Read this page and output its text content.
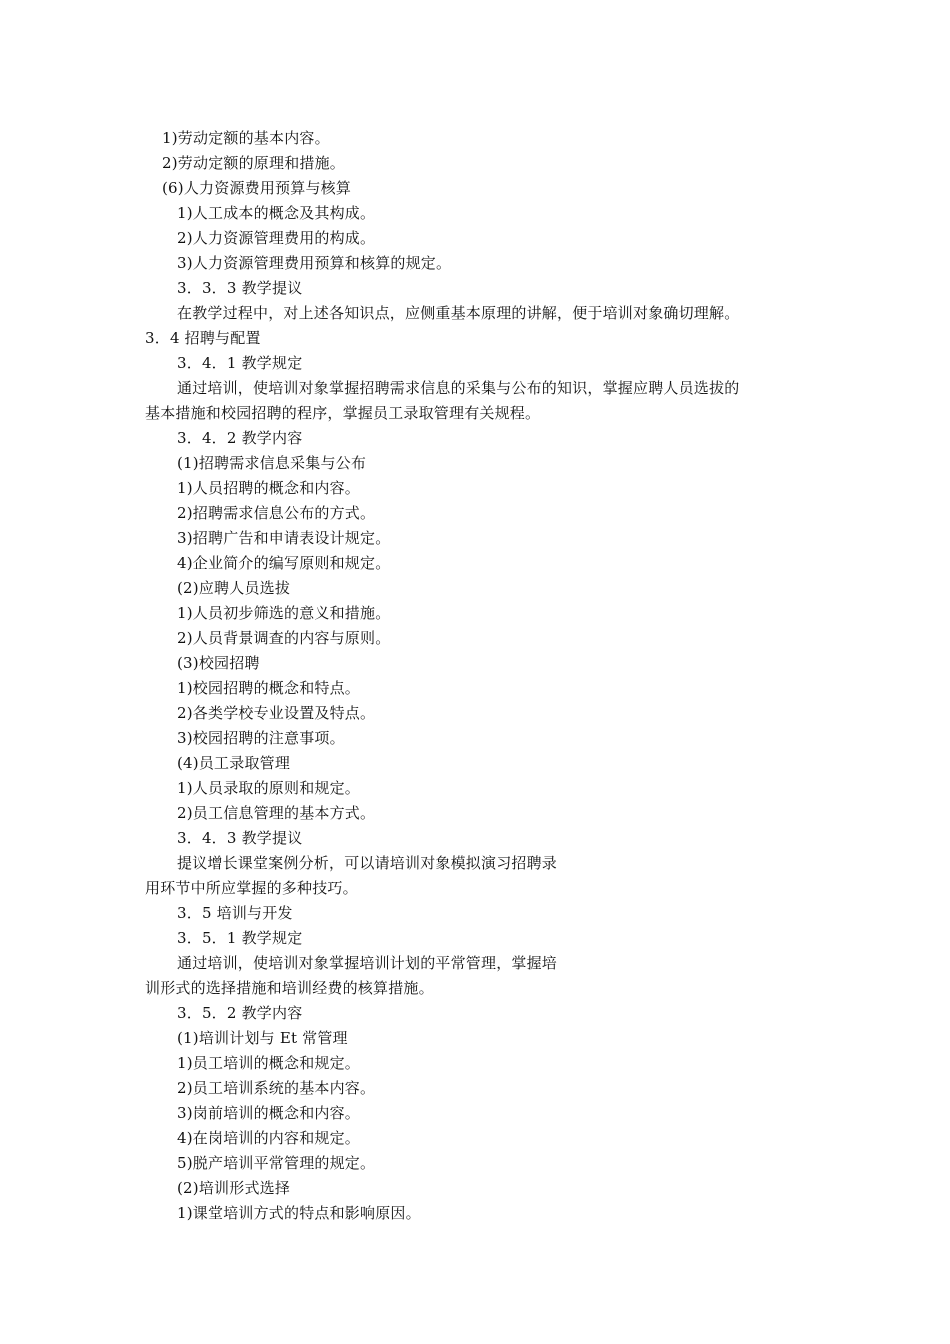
1)劳动定额的基本内容。
2)劳动定额的原理和措施。
(6)人力资源费用预算与核算
1)人工成本的概念及其构成。
2)人力资源管理费用的构成。
3)人力资源管理费用预算和核算的规定。
3．3．3 教学提议
在教学过程中，对上述各知识点，应侧重基本原理的讲解，便于培训对象确切理解。
3．4 招聘与配置
3．4．1 教学规定
通过培训，使培训对象掌握招聘需求信息的采集与公布的知识，掌握应聘人员选拔的
基本措施和校园招聘的程序，掌握员工录取管理有关规程。
3．4．2 教学内容
(1)招聘需求信息采集与公布
1)人员招聘的概念和内容。
2)招聘需求信息公布的方式。
3)招聘广告和申请表设计规定。
4)企业简介的编写原则和规定。
(2)应聘人员选拔
1)人员初步筛选的意义和措施。
2)人员背景调查的内容与原则。
(3)校园招聘
1)校园招聘的概念和特点。
2)各类学校专业设置及特点。
3)校园招聘的注意事项。
(4)员工录取管理
1)人员录取的原则和规定。
2)员工信息管理的基本方式。
3．4．3 教学提议
提议增长课堂案例分析，可以请培训对象模拟演习招聘录
用环节中所应掌握的多种技巧。
3．5 培训与开发
3．5．1 教学规定
通过培训，使培训对象掌握培训计划的平常管理，掌握培
训形式的选择措施和培训经费的核算措施。
3．5．2 教学内容
(1)培训计划与 Et 常管理
1)员工培训的概念和规定。
2)员工培训系统的基本内容。
3)岗前培训的概念和内容。
4)在岗培训的内容和规定。
5)脱产培训平常管理的规定。
(2)培训形式选择
1)课堂培训方式的特点和影响原因。
